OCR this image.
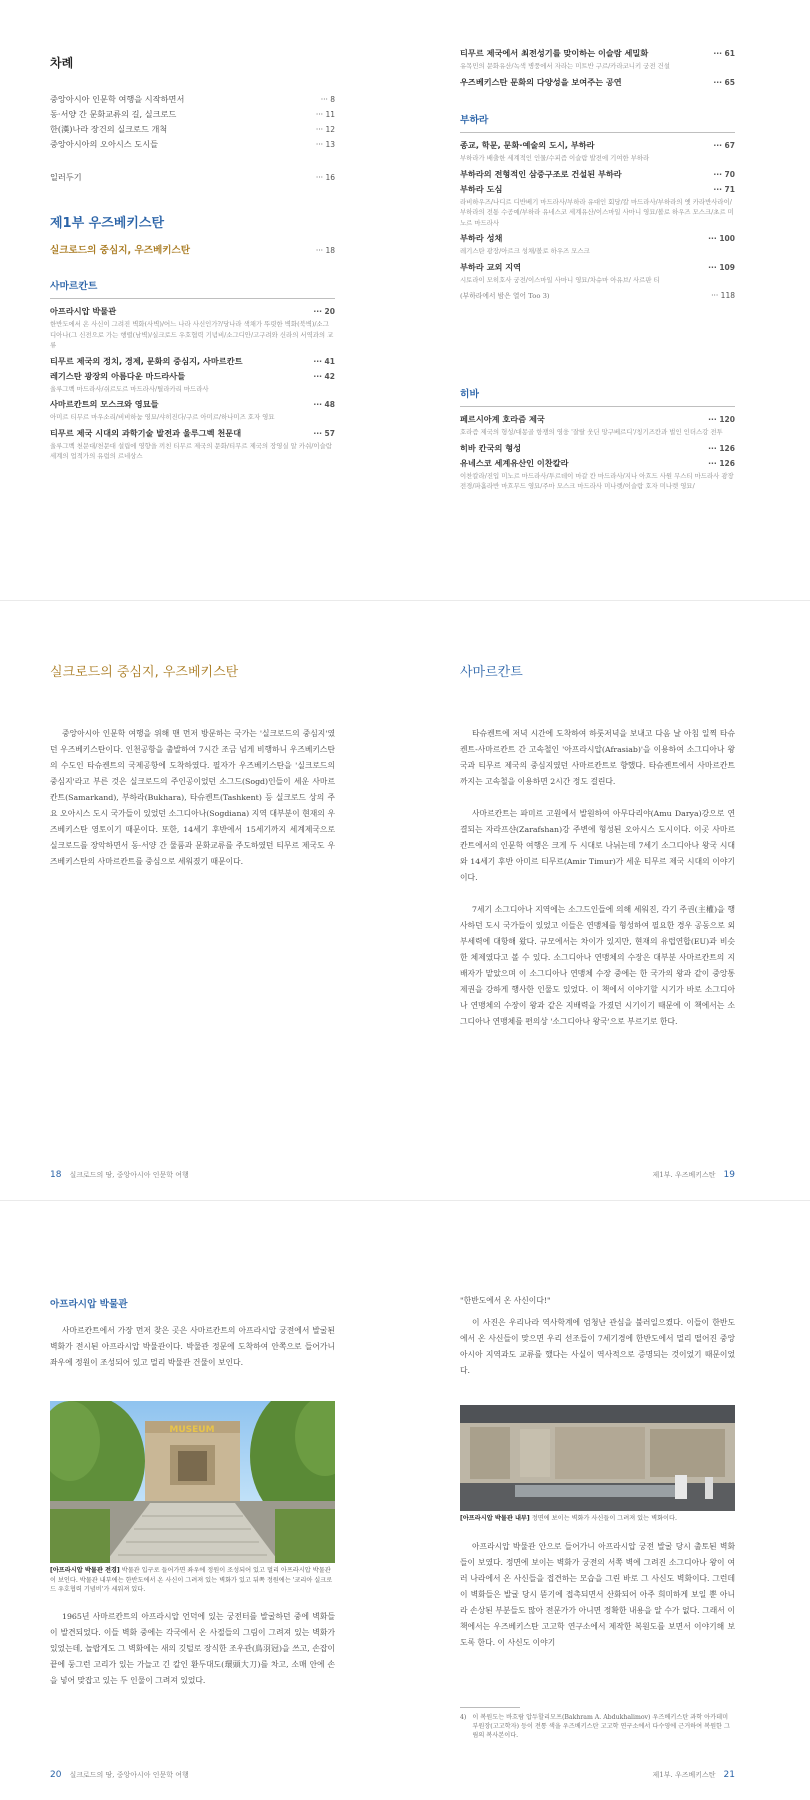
차례
중앙아시아 인문학 여행을 시작하면서	··· 8
동·서양 간 문화교류의 길, 실크로드	··· 11
한(漢)나라 장건의 실크로드 개척	··· 12
중앙아시아의 오아시스 도시들	··· 13
일러두기	··· 16
제1부 우즈베키스탄
실크로드의 중심지, 우즈베키스탄	··· 18
사마르칸트
아프라시압 박물관	··· 20
한반도에서 온 사신이 그려진 벽화(사벽)/어느 나라 사신인가?/당나라 색채가 뚜렷한 벽화(북벽)/소그디아나(그 신전으로 가는 행렬(남벽)/실크로드 우호협력 기념비/소그디안/고구려와 신라의 서역과의 교류
티무르 제국의 정치, 경제, 문화의 중심지, 사마르칸트	··· 41
레기스탄 광장의 아름다운 마드라사들	··· 42
울루그벡 마드라사/쉬르도르 마드라사/틸라카리 마드라사
사마르칸트의 모스크와 영묘들	··· 48
아미르 티무르 마우소리/비비하눔 영묘/샤히진다/구르 아미르/하나미즈 호자 영묘
티무르 제국 시대의 과학기술 발전과 울루그벡 천문대	··· 57
울루그벡 천문대/천문대 설립에 영향을 끼친 티무르 제국의 문화/티무르 제국의 장영실 알 카쉬/이슬람 세계의 업적가의 유럽의 르네상스
티무르 제국에서 최전성기를 맞이하는 이슬람 세밀화	··· 61
유목민의 문화유산/녹색 병풍에서 자라는 미트반 구르/카라코니키 궁전 건설
우즈베키스탄 문화의 다양성을 보여주는 공연	··· 65
부하라
종교, 학문, 문화·예술의 도시, 부하라	··· 67
부하라가 배출한 세계적인 인물/수피즘 이슬람 발전에 기여한 부하라
부하라의 전형적인 삼중구조로 건설된 부하라	··· 70
부하라 도심	··· 71
라비하우즈/나디르 디반베기 마드라사/부하라 유대인 회당/칼 마드라사/부하라의 옛 카라반사라이/부하라의 전통 수공예/부하라 유네스코 세계유산/이스마일 사마니 영묘/볼로 하우즈 모스크/초르 미노르 마드라사
부하라 성채	··· 100
레기스탄 광장/아르크 성채/볼로 하우즈 모스크
부하라 교외 지역	··· 109
시토라이 모히호사 궁전/이스마일 사마니 영묘/차슈마 아유브/ 사르판 티
(부하라에서 밤은 열어 Too 3)	··· 118
히바
페르시아계 호라즘 제국	··· 120
호라즘 제국의 형성/대몽골 항쟁의 영웅 '잘랄 웃딘 망구베르디'/칭기즈칸과 벌인 인더스강 전투
히바 칸국의 형성	··· 126
유네스코 세계유산인 이찬칼라	··· 126
이찬칼라/진입 미노르 마드라사/투르데이 마갈 칸 마드라사/지나 아흐드 사원 무스티 마드라사 광장 전경/파흘라반 마흐무드 영묘/주마 모스크 마드라사 미나렛/이슬람 호자 미나렛 영묘/
실크로드의 중심지, 우즈베키스탄

중앙아시아 인문학 여행을 위해 맨 먼저 방문하는 국가는 '실크로드의 중심지'였던 우즈베키스탄이다. 인천공항을 출발하여 7시간 조금 넘게 비행하니 우즈베키스탄의 수도인 타슈켄트의 국제공항에 도착하였다. 필자가 우즈베키스탄을 '실크로드의 중심지'라고 부른 것은 실크로드의 주인공이었던 소그드(Sogd)인들이 세운 사마르칸트(Samarkand), 부하라(Bukhara), 타슈켄트(Tashkent) 등 실크로드 상의 주요 오아시스 도시 국가들이 있었던 소그디아나(Sogdiana) 지역 대부분이 현재의 우즈베키스탄 영토이기 때문이다. 또한, 14세기 후반에서 15세기까지 세계제국으로 실크로드를 장악하면서 동·서양 간 물품과 문화교류를 주도하였던 티무르 제국도 우즈베키스탄의 사마르칸트를 중심으로 세워졌기 때문이다.

18 실크로드의 땅, 중앙아시아 인문학 여행
사마르칸트

타슈켄트에 저녁 시간에 도착하여 하룻저녁을 보내고 다음 날 아침 일찍 타슈켄트-사마르칸트 간 고속철인 '아프라시압(Afrasiab)'을 이용하여 소그디아나 왕국과 티무르 제국의 중심지였던 사마르칸트로 향했다. 타슈켄트에서 사마르칸트까지는 고속철을 이용하면 2시간 정도 걸린다.

사마르칸트는 파미르 고원에서 발원하여 아무다리야(Amu Darya)강으로 연결되는 자라프샨(Zarafshan)강 주변에 형성된 오아시스 도시이다. 이곳 사마르칸트에서의 인문학 여행은 크게 두 시대로 나뉘는데 7세기 소그디아나 왕국 시대와 14세기 후반 아미르 티무르(Amir Timur)가 세운 티무르 제국 시대의 이야기이다.

7세기 소그디아나 지역에는 소그드인들에 의해 세워진, 각기 주권(主權)을 행사하던 도시 국가들이 있었고 이들은 연맹체를 형성하여 필요한 경우 공동으로 외부세력에 대항해 왔다. 규모에서는 차이가 있지만, 현재의 유럽연합(EU)과 비슷한 체제였다고 볼 수 있다. 소그디아나 연맹체의 수장은 대부분 사마르칸트의 지배자가 맡았으며 이 소그디아나 연맹체 수장 중에는 한 국가의 왕과 같이 중앙통제권을 강하게 행사한 인물도 있었다. 이 책에서 이야기할 시기가 바로 소그디아나 연맹체의 수장이 왕과 같은 지배력을 가졌던 시기이기 때문에 이 책에서는 소그디아나 연맹체를 편의상 '소그디아나 왕국'으로 부르기로 한다.

제1부. 우즈베키스탄 19
아프라시압 박물관

사마르칸트에서 가장 먼저 찾은 곳은 사마르칸트의 아프라시압 궁전에서 발굴된 벽화가 전시된 아프라시압 박물관이다. 박물관 정문에 도착하여 안쪽으로 들어가니 좌우에 정원이 조성되어 있고 멀리 박물관 건물이 보인다.

MUSEUM
[아프라시압 박물관 전경] 박물관 입구로 들어가면 좌우에 정원이 조성되어 있고 멀리 아프라시압 박물관이 보인다. 박물관 내부에는 한반도에서 온 사신이 그려져 있는 벽화가 있고 뒤쪽 정원에는 '코리아 실크로드 우호협력 기념비'가 세워져 있다.

1965년 사마르칸트의 아프라시압 언덕에 있는 궁전터를 발굴하던 중에 벽화들이 발견되었다. 이들 벽화 중에는 각국에서 온 사절들의 그림이 그려져 있는 벽화가 있었는데, 놀랍게도 그 벽화에는 새의 깃털로 장식한 조우관(鳥羽冠)을 쓰고, 손잡이 끝에 둥그런 고리가 있는 가늘고 긴 칼인 환두대도(環頭大刀)를 차고, 소매 안에 손을 넣어 맞잡고 있는 두 인물이 그려져 있었다.

20 실크로드의 땅, 중앙아시아 인문학 여행

"한반도에서 온 사신이다!"

이 사진은 우리나라 역사학계에 엄청난 관심을 불러일으켰다. 이들이 한반도에서 온 사신들이 맞으면 우리 선조들이 7세기경에 한반도에서 멀리 떨어진 중앙아시아 지역과도 교류를 했다는 사실이 역사적으로 증명되는 것이었기 때문이었다.

[아프라시압 박물관 내부] 정면에 보이는 벽화가 사신들이 그려져 있는 벽화이다.

아프라시압 박물관 안으로 들어가니 아프라시압 궁전 발굴 당시 출토된 벽화들이 보였다. 정면에 보이는 벽화가 궁전의 서쪽 벽에 그려진 소그디아나 왕이 여러 나라에서 온 사신들을 접견하는 모습을 그린 바로 그 사신도 벽화이다. 그런데 이 벽화들은 발굴 당시 뜯기에 접촉되면서 산화되어 아주 희미하게 보일 뿐 아니라 손상된 부분들도 많아 전문가가 아니면 정확한 내용을 알 수가 없다. 그래서 이 책에서는 우즈베키스탄 고고학 연구소에서 제작한 복원도를 보면서 이야기해 보도록 한다. 이 사신도 이야기

4) 이 복원도는 바흐람 압두할리모프(Bakhram A. Abdukhalimov) 우즈베키스탄 과학 아카데미 부원장(고고학자) 등이 전통 색을 우즈베키스탄 고고학 연구소에서 다수영에 근거하여 복원한 그림의 복사본이다.
제1부. 우즈베키스탄 21
